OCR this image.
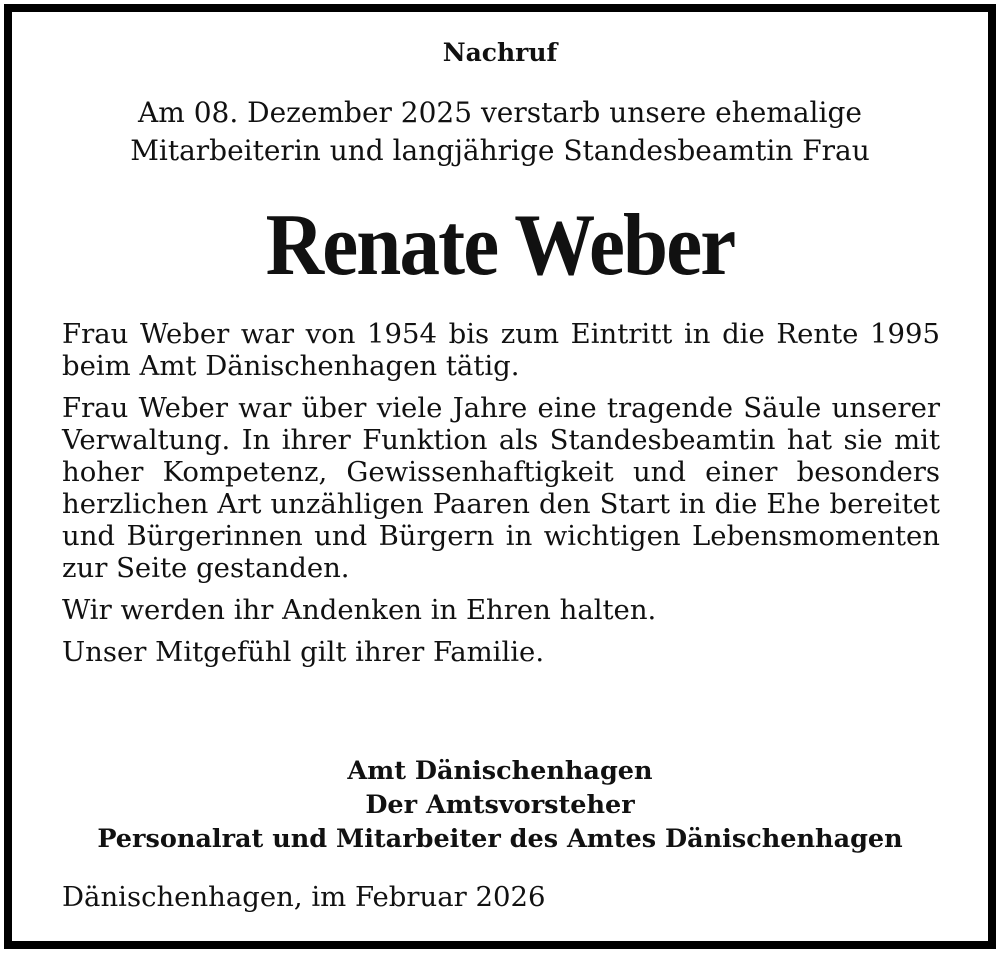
Nachruf
Am 08. Dezember 2025 verstarb unsere ehemalige
Mitarbeiterin und langjährige Standesbeamtin Frau
Renate Weber

Frau Weber war von 1954 bis zum Eintritt in die Rente 1995 beim Amt Dänischenhagen tätig.

Frau Weber war über viele Jahre eine tragende Säule unserer Verwaltung. In ihrer Funktion als Standesbeamtin hat sie mit hoher Kompetenz, Gewissenhaftigkeit und einer besonders herzlichen Art unzähligen Paaren den Start in die Ehe bereitet und Bürgerinnen und Bürgern in wichtigen Lebensmomenten zur Seite gestanden.

Wir werden ihr Andenken in Ehren halten.

Unser Mitgefühl gilt ihrer Familie.

Amt Dänischenhagen
Der Amtsvorsteher
Personalrat und Mitarbeiter des Amtes Dänischenhagen
Dänischenhagen, im Februar 2026
